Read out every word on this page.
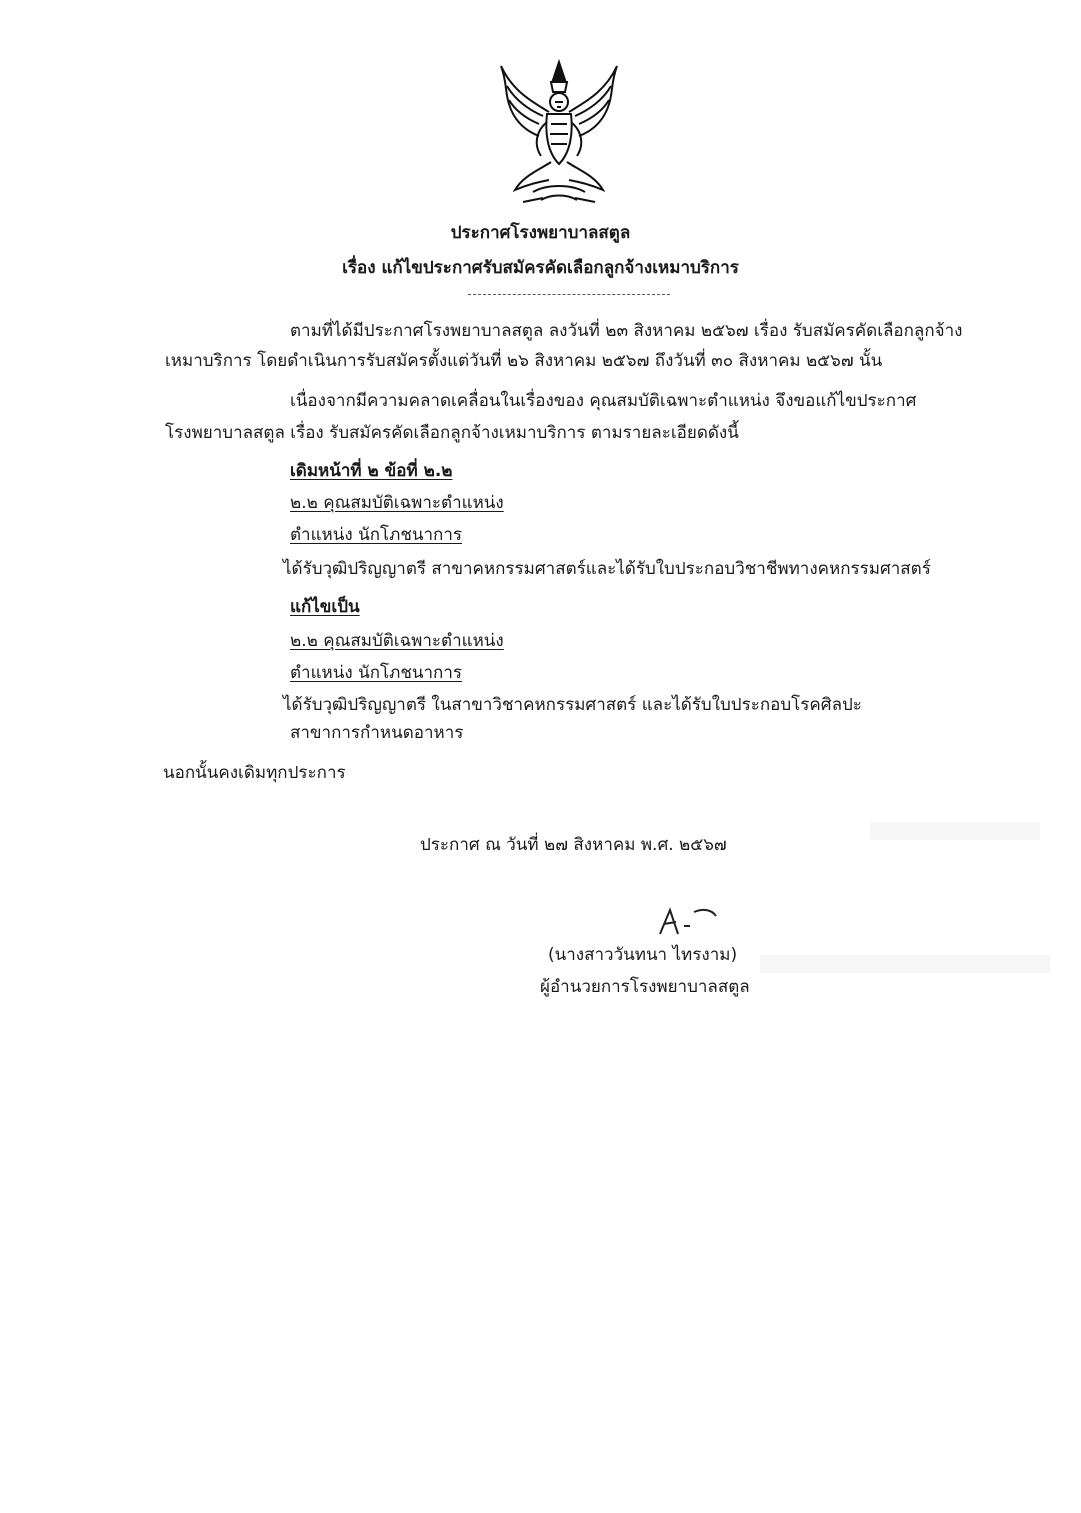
ประกาศโรงพยาบาลสตูล
เรื่อง แก้ไขประกาศรับสมัครคัดเลือกลูกจ้างเหมาบริการ
ตามที่ได้มีประกาศโรงพยาบาลสตูล ลงวันที่ ๒๓ สิงหาคม ๒๕๖๗ เรื่อง รับสมัครคัดเลือกลูกจ้าง
เหมาบริการ โดยดำเนินการรับสมัครตั้งแต่วันที่ ๒๖ สิงหาคม ๒๕๖๗ ถึงวันที่ ๓๐ สิงหาคม ๒๕๖๗ นั้น
เนื่องจากมีความคลาดเคลื่อนในเรื่องของ คุณสมบัติเฉพาะตำแหน่ง จึงขอแก้ไขประกาศ
โรงพยาบาลสตูล เรื่อง รับสมัครคัดเลือกลูกจ้างเหมาบริการ ตามรายละเอียดดังนี้
เดิมหน้าที่ ๒ ข้อที่ ๒.๒
๒.๒ คุณสมบัติเฉพาะตำแหน่ง
ตำแหน่ง นักโภชนาการ
ได้รับวุฒิปริญญาตรี สาขาคหกรรมศาสตร์และได้รับใบประกอบวิชาชีพทางคหกรรมศาสตร์
แก้ไขเป็น
๒.๒ คุณสมบัติเฉพาะตำแหน่ง
ตำแหน่ง นักโภชนาการ
ได้รับวุฒิปริญญาตรี ในสาขาวิชาคหกรรมศาสตร์ และได้รับใบประกอบโรคศิลปะ
สาขาการกำหนดอาหาร
นอกนั้นคงเดิมทุกประการ
ประกาศ ณ วันที่ ๒๗ สิงหาคม พ.ศ. ๒๕๖๗
(นางสาววันทนา ไทรงาม)
ผู้อำนวยการโรงพยาบาลสตูล
